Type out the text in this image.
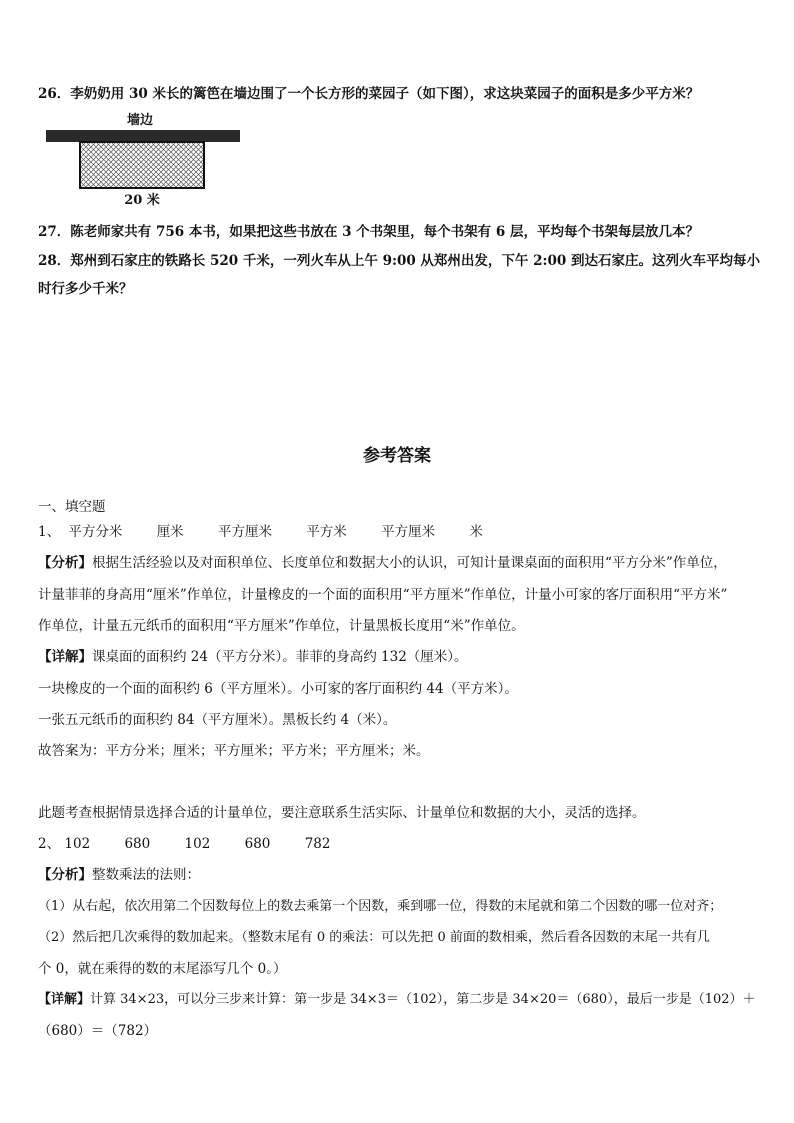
26．李奶奶用 30 米长的篱笆在墙边围了一个长方形的菜园子（如下图），求这块菜园子的面积是多少平方米？
墙边
20 米
27．陈老师家共有 756 本书，如果把这些书放在 3 个书架里，每个书架有 6 层，平均每个书架每层放几本？
28．郑州到石家庄的铁路长 520 千米，一列火车从上午 9:00 从郑州出发，下午 2:00 到达石家庄。这列火车平均每小
时行多少千米？
参考答案
一、填空题
1、 平方分米	厘米	平方厘米	平方米	平方厘米	米
【分析】根据生活经验以及对面积单位、长度单位和数据大小的认识，可知计量课桌面的面积用“平方分米”作单位，
计量菲菲的身高用“厘米”作单位，计量橡皮的一个面的面积用“平方厘米”作单位，计量小可家的客厅面积用“平方米”
作单位，计量五元纸币的面积用“平方厘米”作单位，计量黑板长度用“米”作单位。
【详解】课桌面的面积约 24（平方分米）。菲菲的身高约 132（厘米）。
一块橡皮的一个面的面积约 6（平方厘米）。小可家的客厅面积约 44（平方米）。
一张五元纸币的面积约 84（平方厘米）。黑板长约 4（米）。
故答案为：平方分米；厘米；平方厘米；平方米；平方厘米；米。
此题考查根据情景选择合适的计量单位，要注意联系生活实际、计量单位和数据的大小，灵活的选择。
2、 102	680	102	680	782
【分析】整数乘法的法则：
（1）从右起，依次用第二个因数每位上的数去乘第一个因数，乘到哪一位，得数的末尾就和第二个因数的哪一位对齐；
（2）然后把几次乘得的数加起来。（整数末尾有 0 的乘法：可以先把 0 前面的数相乘，然后看各因数的末尾一共有几
个 0，就在乘得的数的末尾添写几个 0。）
【详解】计算 34×23，可以分三步来计算：第一步是 34×3＝（102），第二步是 34×20＝（680），最后一步是（102）＋
（680）＝（782）
